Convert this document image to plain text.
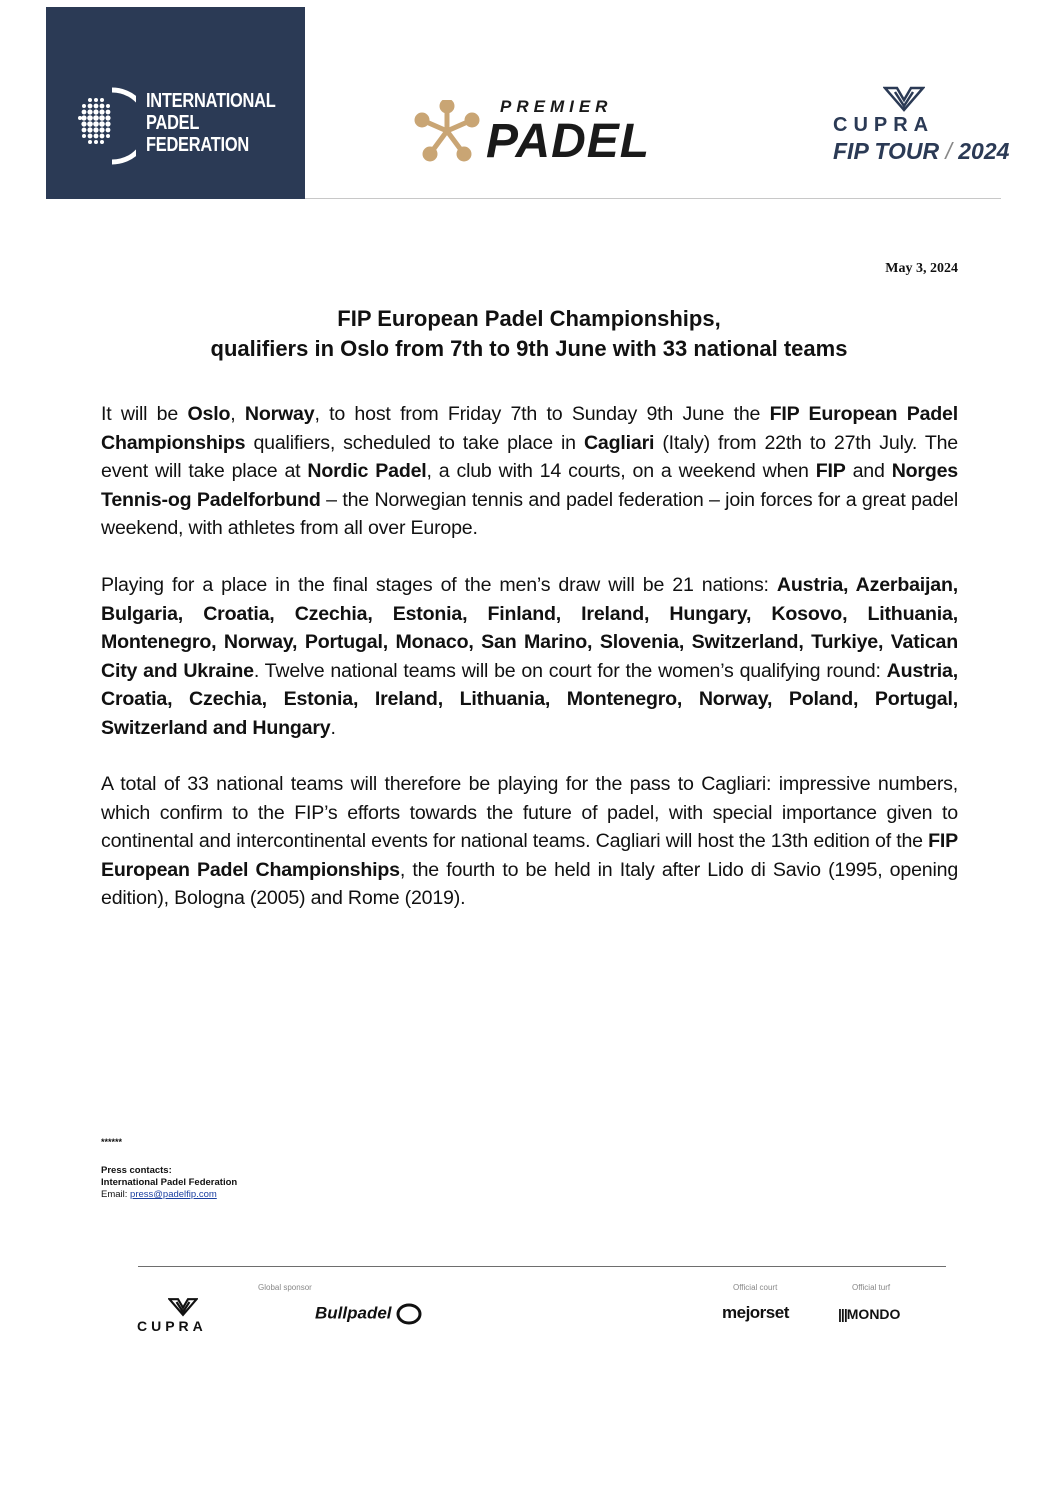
INTERNATIONAL
PADEL
FEDERATION
PREMIER
PADEL	CUPRA
FIP TOUR / 2024
May 3, 2024
FIP European Padel Championships,
qualifiers in Oslo from 7th to 9th June with 33 national teams
It will be Oslo, Norway, to host from Friday 7th to Sunday 9th June the FIP European Padel Championships qualifiers, scheduled to take place in Cagliari (Italy) from 22th to 27th July. The event will take place at Nordic Padel, a club with 14 courts, on a weekend when FIP and Norges Tennis-og Padelforbund – the Norwegian tennis and padel federation – join forces for a great padel weekend, with athletes from all over Europe.
Playing for a place in the final stages of the men’s draw will be 21 nations: Austria, Azerbaijan, Bulgaria, Croatia, Czechia, Estonia, Finland, Ireland, Hungary, Kosovo, Lithuania, Montenegro, Norway, Portugal, Monaco, San Marino, Slovenia, Switzerland, Turkiye, Vatican City and Ukraine. Twelve national teams will be on court for the women’s qualifying round: Austria, Croatia, Czechia, Estonia, Ireland, Lithuania, Montenegro, Norway, Poland, Portugal, Switzerland and Hungary.
A total of 33 national teams will therefore be playing for the pass to Cagliari: impressive numbers, which confirm to the FIP’s efforts towards the future of padel, with special importance given to continental and intercontinental events for national teams. Cagliari will host the 13th edition of the FIP European Padel Championships, the fourth to be held in Italy after Lido di Savio (1995, opening edition), Bologna (2005) and Rome (2019).
******
Press contacts:
International Padel Federation
Email: press@padelfip.com
Global sponsor	Official court	Official turf
CUPRA
Bullpadel	mejorset	|||MONDO
